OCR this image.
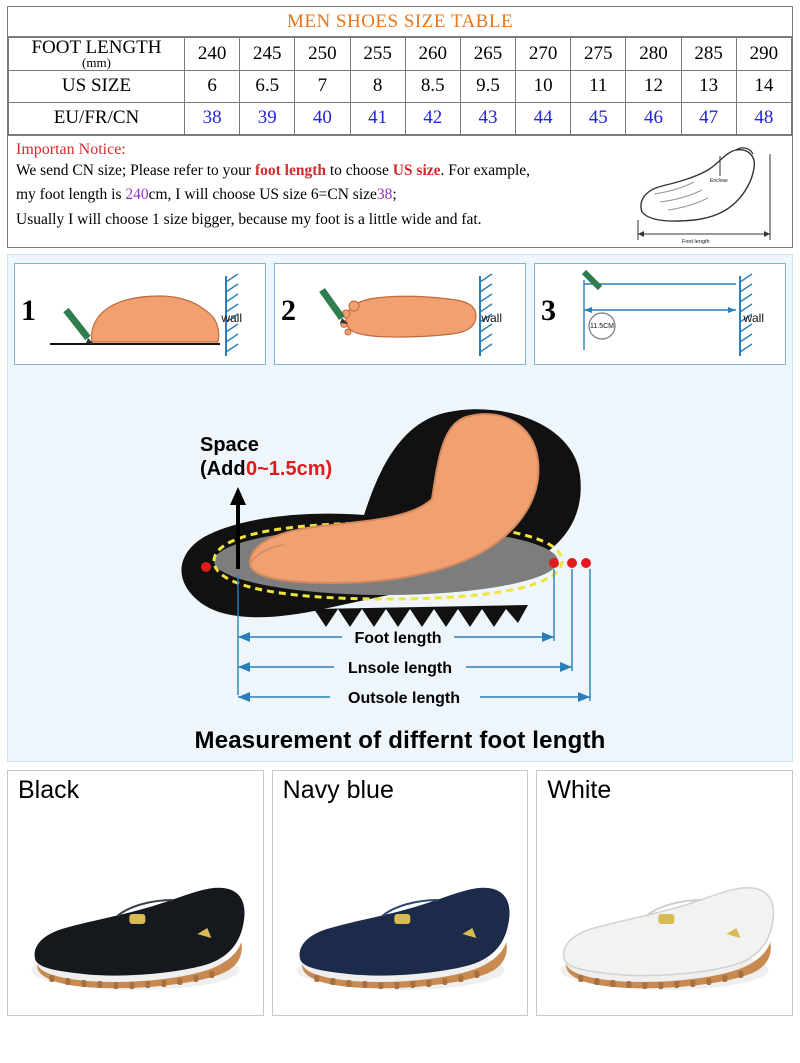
MEN SHOES SIZE TABLE
FOOT LENGTH
(mm)	240	245	250	255	260	265	270	275	280	285	290
US SIZE	6	6.5	7	8	8.5	9.5	10	11	12	13	14
EU/FR/CN	38	39	40	41	42	43	44	45	46	47	48
Importan Notice:

We send CN size; Please refer to your foot length to choose US size. For example,

my foot length is 240cm, I will choose US size 6=CN size38;

Usually I will choose 1 size bigger, because my foot is a little wide and fat.

Enclose
Foot length
1	wall 2	wall 3	11.5CM
wall
Space
(Add 0~1.5cm)
Foot length
Lnsole length
Outsole length
Measurement of differnt foot length
Black	Navy blue	White
